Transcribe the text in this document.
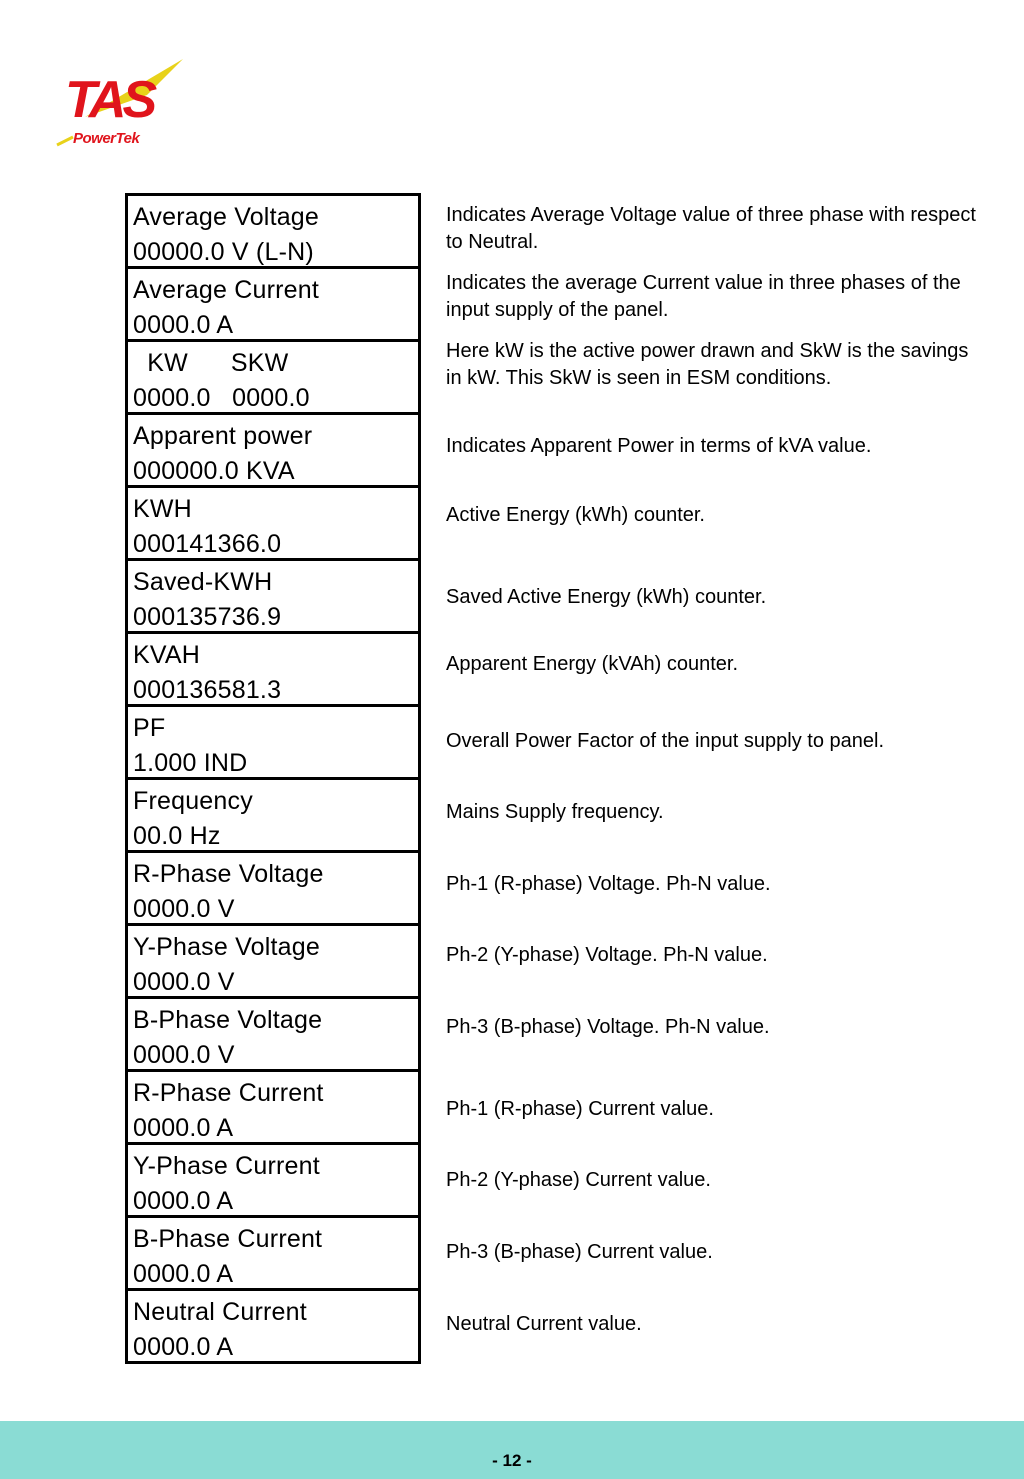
TAS
PowerTek
Average Voltage
00000.0 V (L-N)
Average Current
0000.0 A
KW      SKW
0000.0   0000.0
Apparent power
000000.0 KVA
KWH
000141366.0
Saved-KWH
000135736.9
KVAH
000136581.3
PF
1.000 IND
Frequency
00.0 Hz
R-Phase Voltage
0000.0 V
Y-Phase Voltage
0000.0 V
B-Phase Voltage
0000.0 V
R-Phase Current
0000.0 A
Y-Phase Current
0000.0 A
B-Phase Current
0000.0 A
Neutral Current
0000.0 A
Indicates Average Voltage value of three phase with respect to Neutral.
Indicates the average Current value in three phases of the input supply of the panel.
Here kW is the active power drawn and SkW is the savings in kW. This SkW is seen in ESM conditions.
Indicates Apparent Power in terms of kVA value.
Active Energy (kWh) counter.
Saved Active Energy (kWh) counter.
Apparent Energy (kVAh) counter.
Overall Power Factor of the input supply to panel.
Mains Supply frequency.
Ph-1 (R-phase) Voltage. Ph-N value.
Ph-2 (Y-phase) Voltage. Ph-N value.
Ph-3 (B-phase) Voltage. Ph-N value.
Ph-1 (R-phase) Current value.
Ph-2 (Y-phase) Current value.
Ph-3 (B-phase) Current value.
Neutral Current value.
- 12 -
